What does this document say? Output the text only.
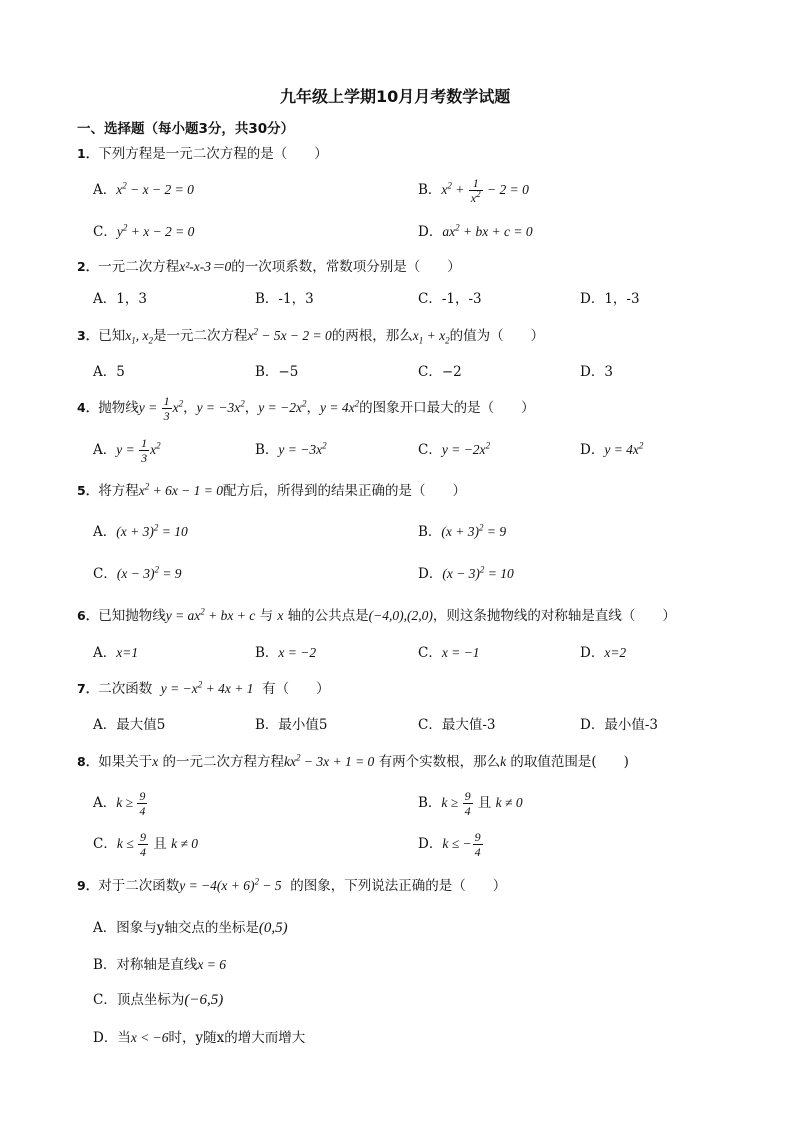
九年级上学期10月月考数学试题
一、选择题（每小题3分，共30分）
1．下列方程是一元二次方程的是（　　）
A．$x^2 - x - 2 = 0$	B．$x^2 + \frac{1}{x^2} - 2 = 0$
C．$y^2 + x - 2 = 0$	D．$ax^2$ + bx + c = 0
2．一元二次方程x²-x-3＝0的一次项系数，常数项分别是（　　）
A．1，3	B．-1，3	C．-1，-3	D．1，-3
3．已知$x_1$, $x_2$是一元二次方程$x^2 - 5x - 2 = 0$的两根，那么$x_1 + x_2$的值为（　　）
A．5	B．−5	C．−2	D．3
4．抛物线$y = \frac{1}{3} x^2$，$y = -3x^2$，$y = -2x^2$，$y = 4x^2$的图象开口最大的是（　　）
A．$y = \frac{1}{3} x^2$	B．$y = -3x^2$	C．$y = -2x^2$	D．$y = 4x^2$
5．将方程$x^2 + 6x - 1 = 0$配方后，所得到的结果正确的是（　　）
A．$(x + 3)^2 = 10$	B．$(x + 3)^2 = 9$
C．$(x - 3)^2 = 9$	D．$(x - 3)^2 = 10$
6．已知抛物线$y = ax^2$ + bx + c 与 x 轴的公共点是(−4,0),(2,0)，则这条抛物线的对称轴是直线（　　）
A．x=1	B．x = −2	C．x = −1	D．x=2
7．二次函数 $y = -x^2 + 4x + 1$ 有（　　）
A．最大值5	B．最小值5	C．最大值-3	D．最小值-3
8．如果关于x 的一元二次方程方程$kx^2 - 3x + 1 = 0$ 有两个实数根，那么k 的取值范围是(　　)
A．$k \ge \frac{9}{4}$	B．$k \ge \frac{9}{4}$ 且 k ≠ 0
C．$k \le \frac{9}{4}$ 且 k ≠ 0	D．k ≤ − $\frac{9}{4}$
9．对于二次函数$y = -4(x + 6)^2 - 5$ 的图象，下列说法正确的是（　　）
A．图象与y轴交点的坐标是(0,5)
B．对称轴是直线x = 6
C．顶点坐标为(−6,5)
D．当x < −6时，y随x的增大而增大
